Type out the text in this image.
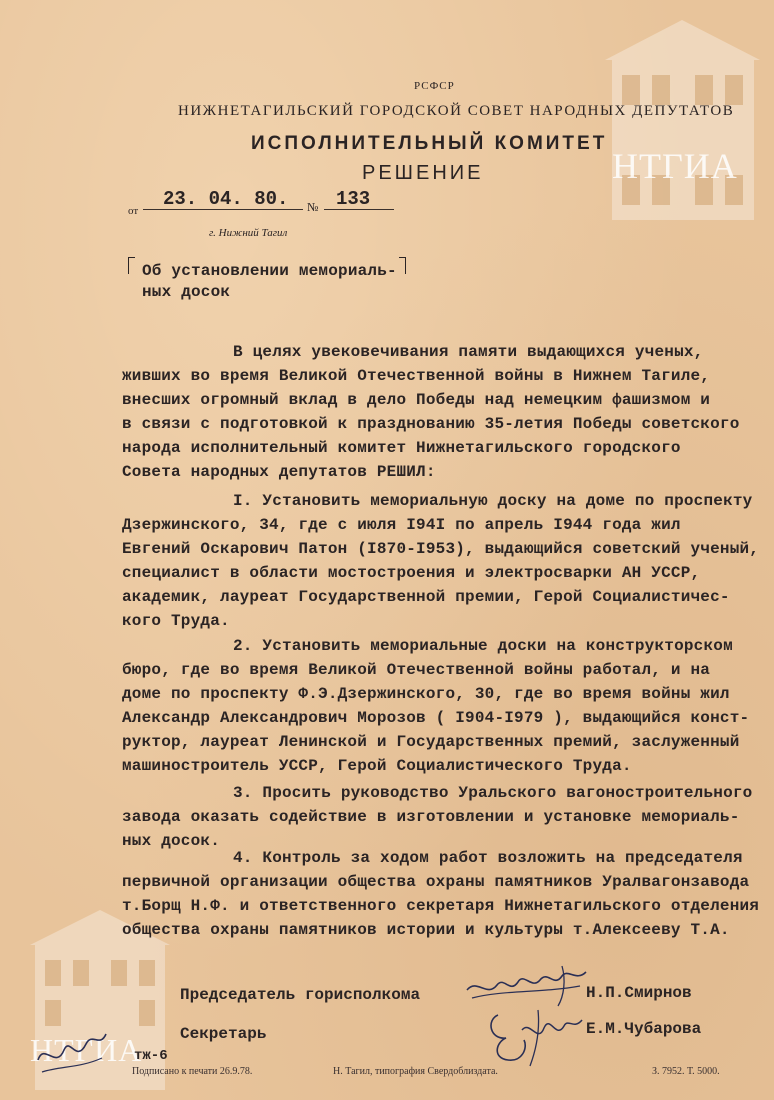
НТГИА
НТГИА
РСФСР
НИЖНЕТАГИЛЬСКИЙ ГОРОДСКОЙ СОВЕТ НАРОДНЫХ ДЕПУТАТОВ
ИСПОЛНИТЕЛЬНЫЙ КОМИТЕТ
РЕШЕНИЕ
от
23. 04. 80. № 133
г. Нижний Тагил
Об установлении мемориаль-
ных досок
В целях увековечивания памяти выдающихся ученых,
живших во время Великой Отечественной войны в Нижнем Тагиле,
внесших огромный вклад в дело Победы над немецким фашизмом и
в связи с подготовкой к празднованию 35-летия Победы советского
народа исполнительный комитет Нижнетагильского городского
Совета народных депутатов РЕШИЛ:
I. Установить мемориальную доску на доме по проспекту
Дзержинского, 34, где с июля I94I по апрель I944 года жил
Евгений Оскарович Патон (I870-I953), выдающийся советский ученый,
специалист в области мостостроения и электросварки АН УССР,
академик, лауреат Государственной премии, Герой Социалистичес-
кого Труда.
2. Установить мемориальные доски на конструкторском
бюро, где во время Великой Отечественной войны работал, и на
доме по проспекту Ф.Э.Дзержинского, 30, где во время войны жил
Александр Александрович Морозов ( I904-I979 ), выдающийся конст-
руктор, лауреат Ленинской и Государственных премий, заслуженный
машиностроитель УССР, Герой Социалистического Труда.
3. Просить руководство Уральского вагоностроительного
завода оказать содействие в изготовлении и установке мемориаль-
ных досок.
4. Контроль за ходом работ возложить на председателя
первичной организации общества охраны памятников Уралвагонзавода
т.Борщ Н.Ф. и ответственного секретаря Нижнетагильского отделения
общества охраны памятников истории и культуры т.Алексееву Т.А.
Председатель горисполкома	Н.П.Смирнов
Секретарь	Е.М.Чубарова
тж-6
Подписано к печати 26.9.78.	Н. Тагил, типография Свердоблиздата.	З. 7952. Т. 5000.
